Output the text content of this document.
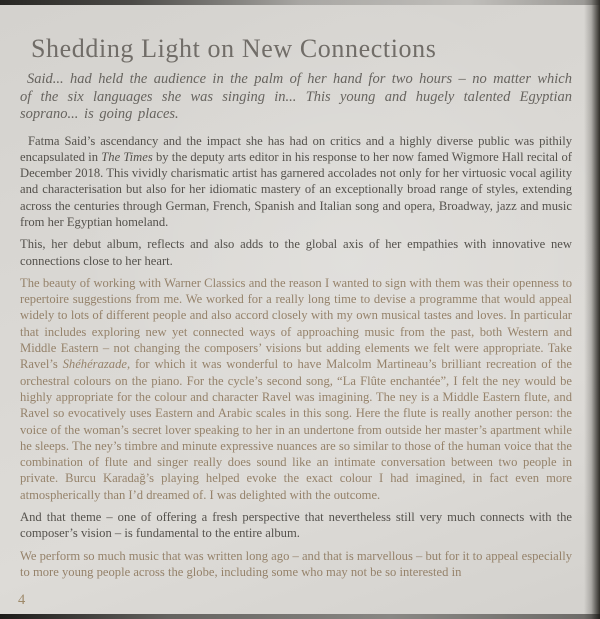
Shedding Light on New Connections

Said... had held the audience in the palm of her hand for two hours – no matter which of the six languages she was singing in... This young and hugely talented Egyptian soprano... is going places.

Fatma Said’s ascendancy and the impact she has had on critics and a highly diverse public was pithily encapsulated in The Times by the deputy arts editor in his response to her now famed Wigmore Hall recital of December 2018. This vividly charismatic artist has garnered accolades not only for her virtuosic vocal agility and characterisation but also for her idiomatic mastery of an exceptionally broad range of styles, extending across the centuries through German, French, Spanish and Italian song and opera, Broadway, jazz and music from her Egyptian homeland.

This, her debut album, reflects and also adds to the global axis of her empathies with innovative new connections close to her heart.

The beauty of working with Warner Classics and the reason I wanted to sign with them was their openness to repertoire suggestions from me. We worked for a really long time to devise a programme that would appeal widely to lots of different people and also accord closely with my own musical tastes and loves. In particular that includes exploring new yet connected ways of approaching music from the past, both Western and Middle Eastern – not changing the composers’ visions but adding elements we felt were appropriate. Take Ravel’s Shéhérazade, for which it was wonderful to have Malcolm Martineau’s brilliant recreation of the orchestral colours on the piano. For the cycle’s second song, “La Flûte enchantée”, I felt the ney would be highly appropriate for the colour and character Ravel was imagining. The ney is a Middle Eastern flute, and Ravel so evocatively uses Eastern and Arabic scales in this song. Here the flute is really another person: the voice of the woman’s secret lover speaking to her in an undertone from outside her master’s apartment while he sleeps. The ney’s timbre and minute expressive nuances are so similar to those of the human voice that the combination of flute and singer really does sound like an intimate conversation between two people in private. Burcu Karadağ’s playing helped evoke the exact colour I had imagined, in fact even more atmospherically than I’d dreamed of. I was delighted with the outcome.

And that theme – one of offering a fresh perspective that nevertheless still very much connects with the composer’s vision – is fundamental to the entire album.

We perform so much music that was written long ago – and that is marvellous – but for it to appeal especially to more young people across the globe, including some who may not be so interested in

4
